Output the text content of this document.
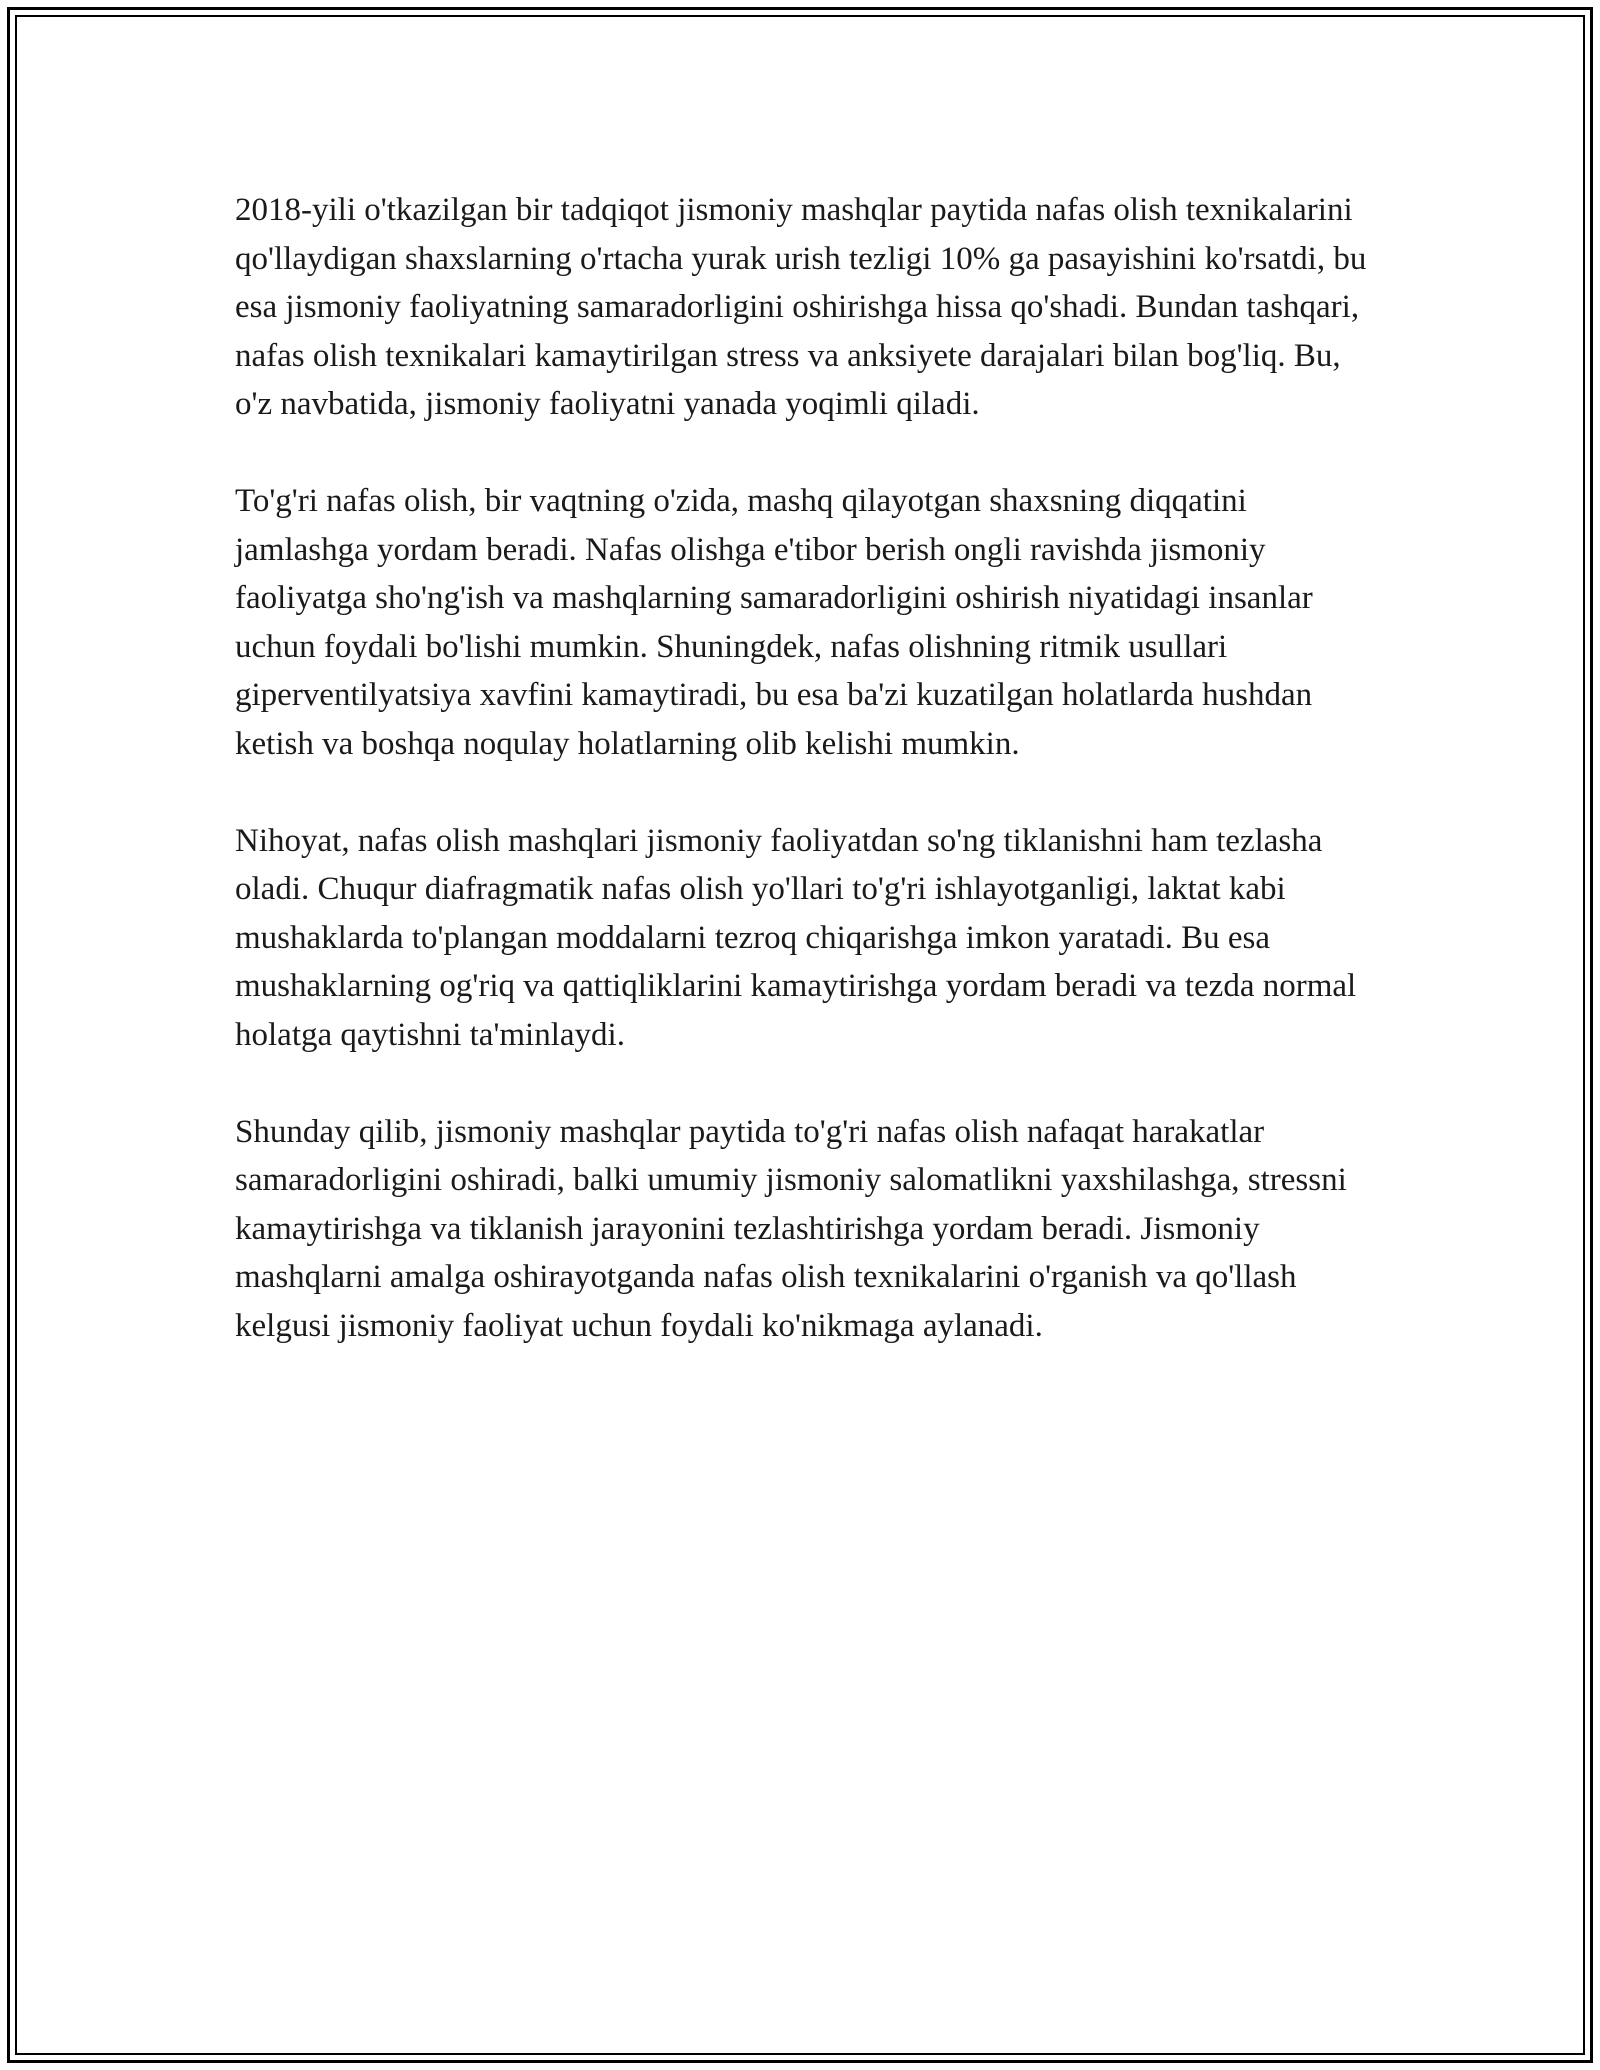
2018-yili o'tkazilgan bir tadqiqot jismoniy mashqlar paytida nafas olish texnikalarini qo'llaydigan shaxslarning o'rtacha yurak urish tezligi 10% ga pasayishini ko'rsatdi, bu esa jismoniy faoliyatning samaradorligini oshirishga hissa qo'shadi. Bundan tashqari, nafas olish texnikalari kamaytirilgan stress va anksiyete darajalari bilan bog'liq. Bu, o'z navbatida, jismoniy faoliyatni yanada yoqimli qiladi.

To'g'ri nafas olish, bir vaqtning o'zida, mashq qilayotgan shaxsning diqqatini jamlashga yordam beradi. Nafas olishga e'tibor berish ongli ravishda jismoniy faoliyatga sho'ng'ish va mashqlarning samaradorligini oshirish niyatidagi insanlar uchun foydali bo'lishi mumkin. Shuningdek, nafas olishning ritmik usullari giperventilyatsiya xavfini kamaytiradi, bu esa ba'zi kuzatilgan holatlarda hushdan ketish va boshqa noqulay holatlarning olib kelishi mumkin.

Nihoyat, nafas olish mashqlari jismoniy faoliyatdan so'ng tiklanishni ham tezlasha oladi. Chuqur diafragmatik nafas olish yo'llari to'g'ri ishlayotganligi, laktat kabi mushaklarda to'plangan moddalarni tezroq chiqarishga imkon yaratadi. Bu esa mushaklarning og'riq va qattiqliklarini kamaytirishga yordam beradi va tezda normal holatga qaytishni ta'minlaydi.

Shunday qilib, jismoniy mashqlar paytida to'g'ri nafas olish nafaqat harakatlar samaradorligini oshiradi, balki umumiy jismoniy salomatlikni yaxshilashga, stressni kamaytirishga va tiklanish jarayonini tezlashtirishga yordam beradi. Jismoniy mashqlarni amalga oshirayotganda nafas olish texnikalarini o'rganish va qo'llash kelgusi jismoniy faoliyat uchun foydali ko'nikmaga aylanadi.
